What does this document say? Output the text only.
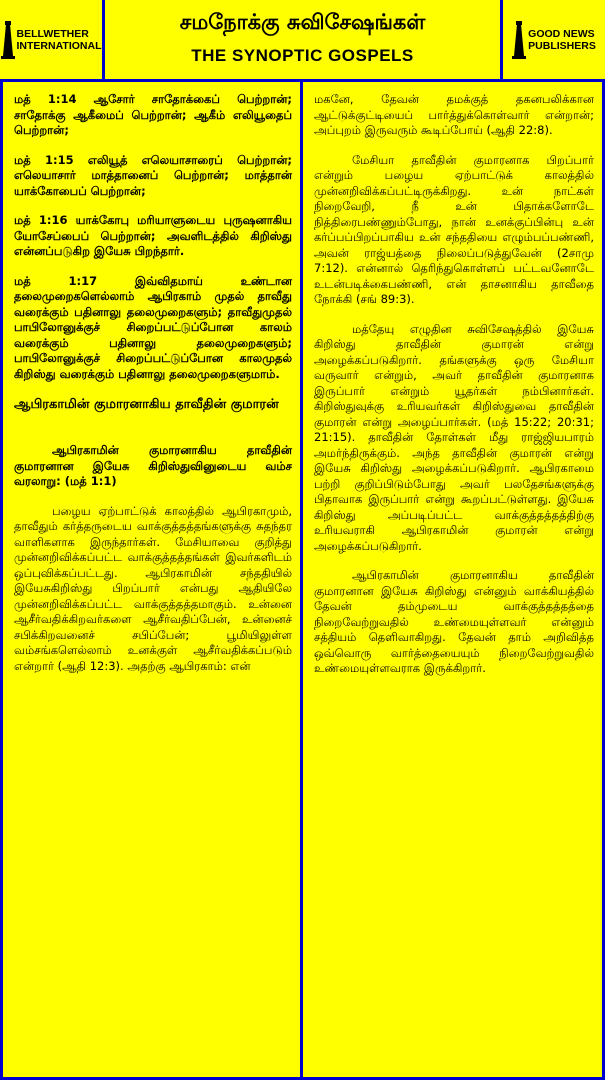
BELLWETHER
INTERNATIONAL
சமநோக்கு சுவிசேஷங்கள்
THE SYNOPTIC GOSPELS
GOOD NEWS
PUBLISHERS

மத் 1:14 ஆசோர் சாதோக்கைப் பெற்றான்; சாதோக்கு ஆகீமைப் பெற்றான்; ஆகீம் எலியூதைப் பெற்றான்;

மத் 1:15 எலியூத் எலெயாசாரைப் பெற்றான்; எலெயாசார் மாத்தானைப் பெற்றான்; மாத்தான் யாக்கோபைப் பெற்றான்;

மத் 1:16 யாக்கோபு மரியாளுடைய புருஷனாகிய யோசேப்பைப் பெற்றான்; அவளிடத்தில் கிறிஸ்து என்னப்படுகிற இயேசு பிறந்தார்.

மத் 1:17 இவ்விதமாய் உண்டான தலைமுறைகளெல்லாம் ஆபிரகாம் முதல் தாவீது வரைக்கும் பதினாலு தலைமுறைகளும்; தாவீதுமுதல் பாபிலோனுக்குச் சிறைப்பட்டுப்போன காலம் வரைக்கும் பதினாலு தலைமுறைகளும்; பாபிலோனுக்குச் சிறைப்பட்டுப்போன காலமுதல் கிறிஸ்து வரைக்கும் பதினாலு தலைமுறைகளுமாம்.

ஆபிரகாமின் குமாரனாகிய தாவீதின் குமாரன்

ஆபிரகாமின் குமாரனாகிய தாவீதின் குமாரனான இயேசு கிறிஸ்துவினுடைய வம்ச வரலாறு: (மத் 1:1)

பழைய ஏற்பாட்டுக் காலத்தில் ஆபிரகாமும், தாவீதும் கர்த்தருடைய வாக்குத்தத்தங்களுக்கு சுதந்தர வாளிகளாக இருந்தார்கள். மேசியாவை குறித்து முன்னறிவிக்கப்பட்ட வாக்குத்தத்தங்கள் இவர்களிடம் ஒப்புவிக்கப்பட்டது. ஆபிரகாமின் சந்ததியில் இயேசுகிறிஸ்து பிறப்பார் என்பது ஆதியிலே முன்னறிவிக்கப்பட்ட வாக்குத்தத்தமாகும். உன்னை ஆசீர்வதிக்கிறவர்களை ஆசீர்வதிப்பேன், உன்னைச் சபிக்கிறவனைச் சபிப்பேன்; பூமியிலுள்ள வம்சங்களெல்லாம் உனக்குள் ஆசீர்வதிக்கப்படும் என்றார் (ஆதி 12:3). அதற்கு ஆபிரகாம்: என்

மகனே, தேவன் தமக்குத் தகனபலிக்கான ஆட்டுக்குட்டியைப் பார்த்துக்கொள்வார் என்றான்; அப்புறம் இருவரும் கூடிப்போய் (ஆதி 22:8).

மேசியா தாவீதின் குமாரனாக பிறப்பார் என்றும் பழைய ஏற்பாட்டுக் காலத்தில் முன்னறிவிக்கப்பட்டிருக்கிறது. உன் நாட்கள் நிறைவேறி, நீ உன் பிதாக்களோடே நித்திரைபண்ணும்போது, நான் உனக்குப்பின்பு உன் கர்ப்பப்பிறப்பாகிய உன் சந்ததியை எழும்பப்பண்ணி, அவன் ராஜ்யத்தை நிலைப்படுத்துவேன் (2சாமு 7:12). என்னால் தெரிந்துகொள்ளப் பட்டவனோடே உடன்படிக்கைபண்ணி, என் தாசனாகிய தாவீதை நோக்கி (சங் 89:3).

மத்தேயு எழுதின சுவிசேஷத்தில் இயேசு கிறிஸ்து தாவீதின் குமாரன் என்று அழைக்கப்படுகிறார். தங்களுக்கு ஒரு மேசியா வருவார் என்றும், அவர் தாவீதின் குமாரனாக இருப்பார் என்றும் யூதர்கள் நம்பினார்கள். கிறிஸ்துவுக்கு உரியவர்கள் கிறிஸ்துவை தாவீதின் குமாரன் என்று அழைப்பார்கள். (மத் 15:22; 20:31; 21:15). தாவீதின் தோள்கள் மீது ராஜ்ஜியபாரம் அமர்ந்திருக்கும். அந்த தாவீதின் குமாரன் என்று இயேசு கிறிஸ்து அழைக்கப்படுகிறார். ஆபிரகாமை பற்றி குறிப்பிடும்போது அவர் பலதேசங்களுக்கு பிதாவாக இருப்பார் என்று கூறப்பட்டுள்ளது. இயேசு கிறிஸ்து அப்படிப்பட்ட வாக்குத்தத்தத்திற்கு உரியவராகி ஆபிரகாமின் குமாரன் என்று அழைக்கப்படுகிறார்.

ஆபிரகாமின் குமாரனாகிய தாவீதின் குமாரனான இயேசு கிறிஸ்து என்னும் வாக்கியத்தில் தேவன் தம்முடைய வாக்குத்தத்தத்தை நிறைவேற்றுவதில் உண்மையுள்ளவர் என்னும் சத்தியம் தெளிவாகிறது. தேவன் தாம் அறிவித்த ஒவ்வொரு வார்த்தையையும் நிறைவேற்றுவதில் உண்மையுள்ளவராக இருக்கிறார்.
